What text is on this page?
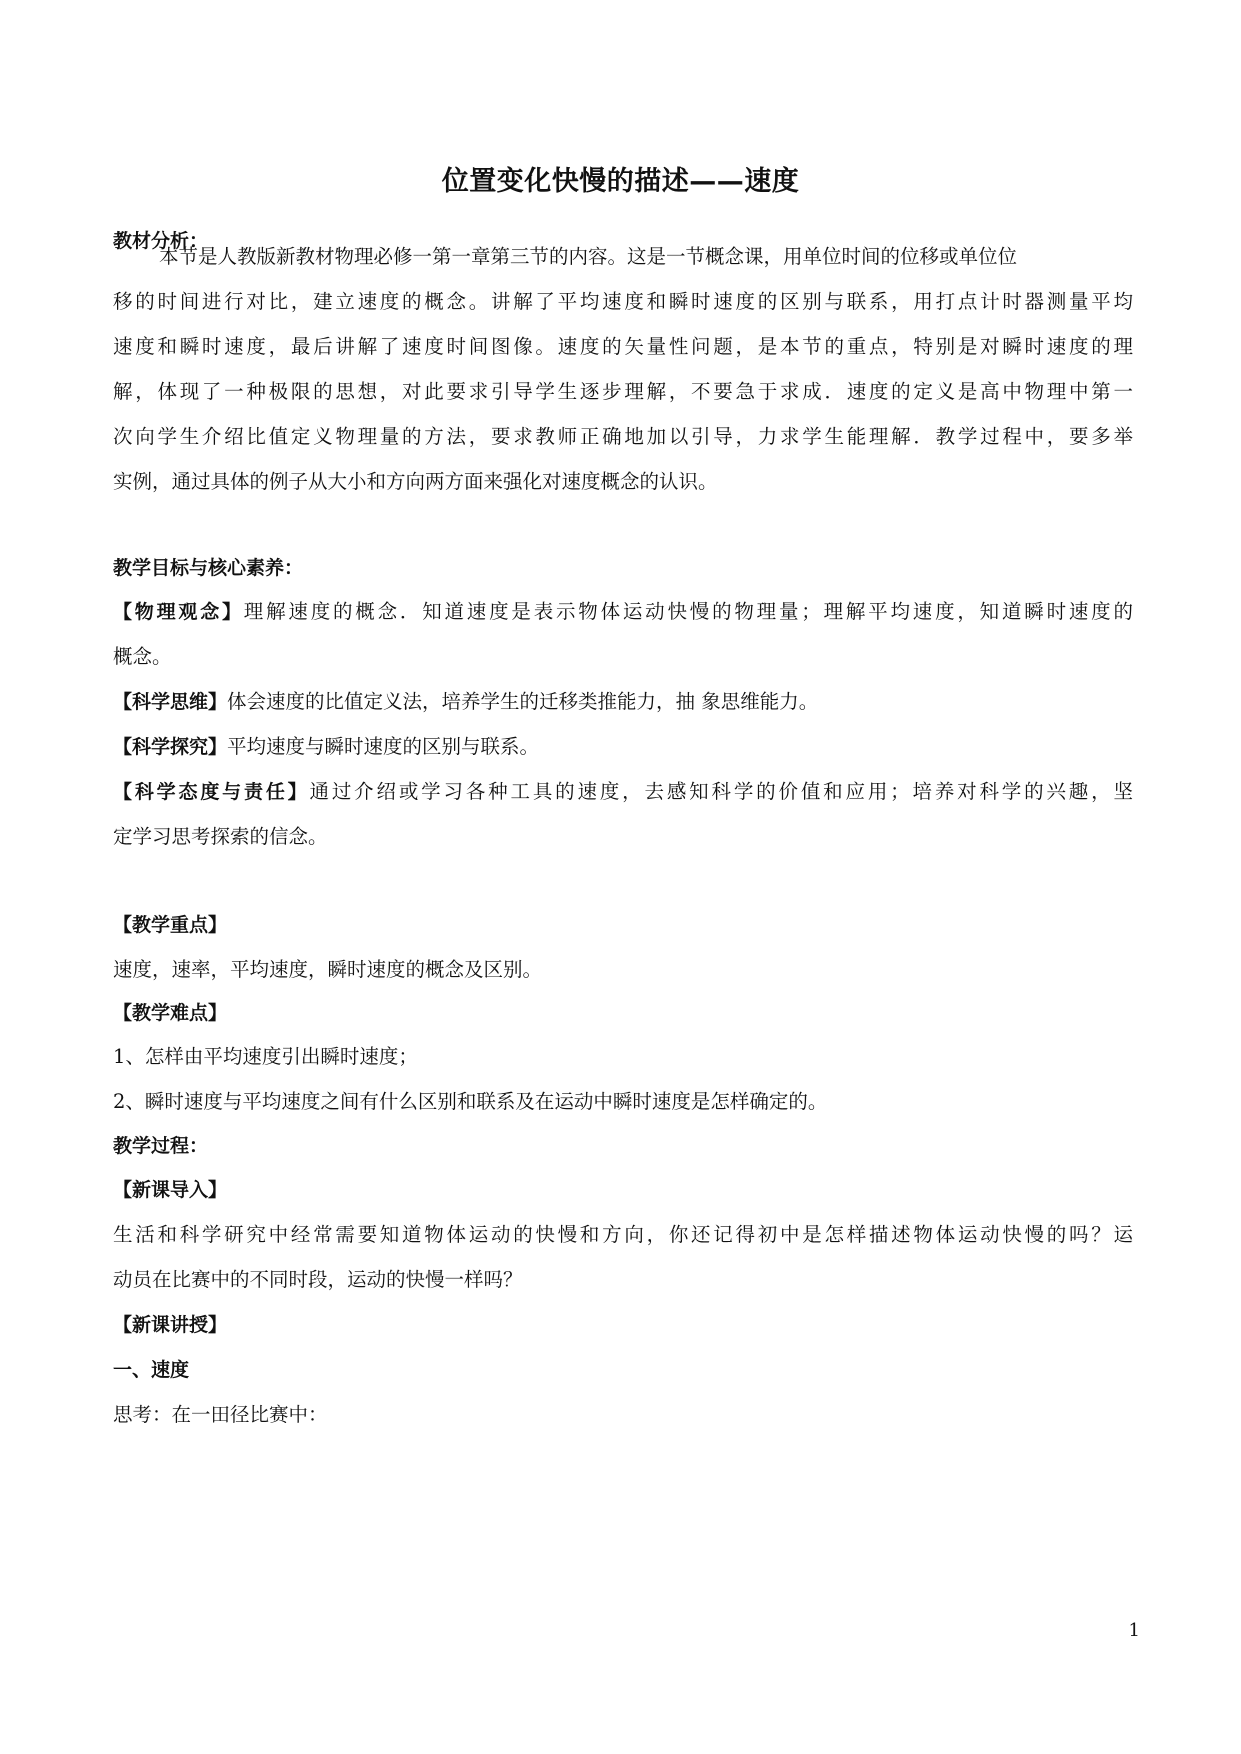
位置变化快慢的描述——速度
教材分析：
本节是人教版新教材物理必修一第一章第三节的内容。这是一节概念课，用单位时间的位移或单位位
移的时间进行对比，建立速度的概念。讲解了平均速度和瞬时速度的区别与联系，用打点计时器测量平均
速度和瞬时速度，最后讲解了速度时间图像。速度的矢量性问题，是本节的重点，特别是对瞬时速度的理
解，体现了一种极限的思想，对此要求引导学生逐步理解，不要急于求成．速度的定义是高中物理中第一
次向学生介绍比值定义物理量的方法，要求教师正确地加以引导，力求学生能理解．教学过程中，要多举
实例，通过具体的例子从大小和方向两方面来强化对速度概念的认识。
教学目标与核心素养：
【物理观念】理解速度的概念．知道速度是表示物体运动快慢的物理量；理解平均速度，知道瞬时速度的
概念。
【科学思维】体会速度的比值定义法，培养学生的迁移类推能力，抽 象思维能力。
【科学探究】平均速度与瞬时速度的区别与联系。
【科学态度与责任】通过介绍或学习各种工具的速度，去感知科学的价值和应用；培养对科学的兴趣，坚
定学习思考探索的信念。
【教学重点】
速度，速率，平均速度，瞬时速度的概念及区别。
【教学难点】
1、怎样由平均速度引出瞬时速度；
2、瞬时速度与平均速度之间有什么区别和联系及在运动中瞬时速度是怎样确定的。
教学过程：
【新课导入】
生活和科学研究中经常需要知道物体运动的快慢和方向，你还记得初中是怎样描述物体运动快慢的吗？运
动员在比赛中的不同时段，运动的快慢一样吗？
【新课讲授】
一、速度
思考：在一田径比赛中：
1
